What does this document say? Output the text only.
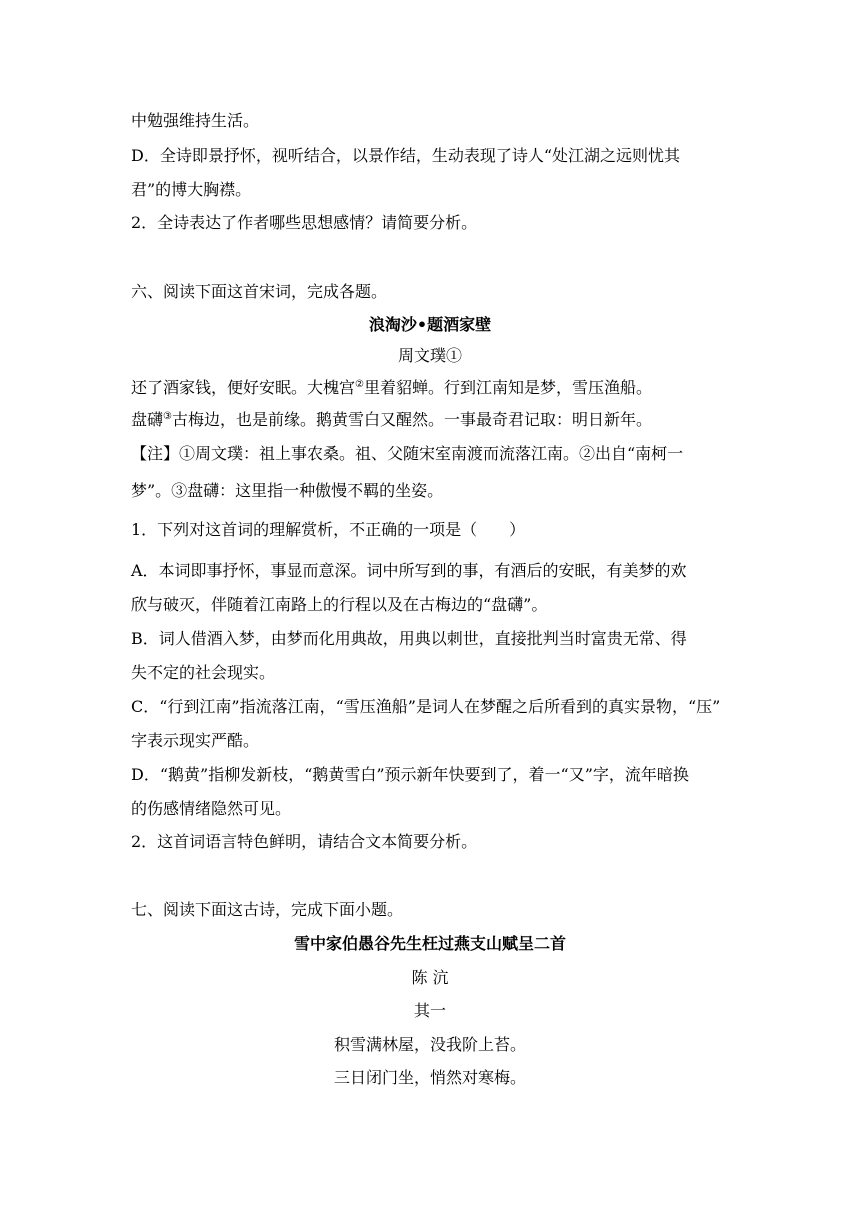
中勉强维持生活。
D．全诗即景抒怀，视听结合，以景作结，生动表现了诗人“处江湖之远则忧其
君”的博大胸襟。
2．全诗表达了作者哪些思想感情？请简要分析。
六、阅读下面这首宋词，完成各题。
浪淘沙•题酒家壁
周文璞①
还了酒家钱，便好安眠。大槐宫②里着貂蝉。行到江南知是梦，雪压渔船。
盘礴③古梅边，也是前缘。鹅黄雪白又醒然。一事最奇君记取：明日新年。
【注】①周文璞：祖上事农桑。祖、父随宋室南渡而流落江南。②出自“南柯一
梦”。③盘礴：这里指一种傲慢不羁的坐姿。
1．下列对这首词的理解赏析，不正确的一项是（　　）
A．本词即事抒怀，事显而意深。词中所写到的事，有酒后的安眠，有美梦的欢
欣与破灭，伴随着江南路上的行程以及在古梅边的“盘礴”。
B．词人借酒入梦，由梦而化用典故，用典以刺世，直接批判当时富贵无常、得
失不定的社会现实。
C．“行到江南”指流落江南，“雪压渔船”是词人在梦醒之后所看到的真实景物，“压”
字表示现实严酷。
D．“鹅黄”指柳发新枝，“鹅黄雪白”预示新年快要到了，着一“又”字，流年暗换
的伤感情绪隐然可见。
2．这首词语言特色鲜明，请结合文本简要分析。
七、阅读下面这古诗，完成下面小题。
雪中家伯愚谷先生枉过燕支山赋呈二首
陈 沆
其一
积雪满林屋，没我阶上苔。
三日闭门坐，悄然对寒梅。
